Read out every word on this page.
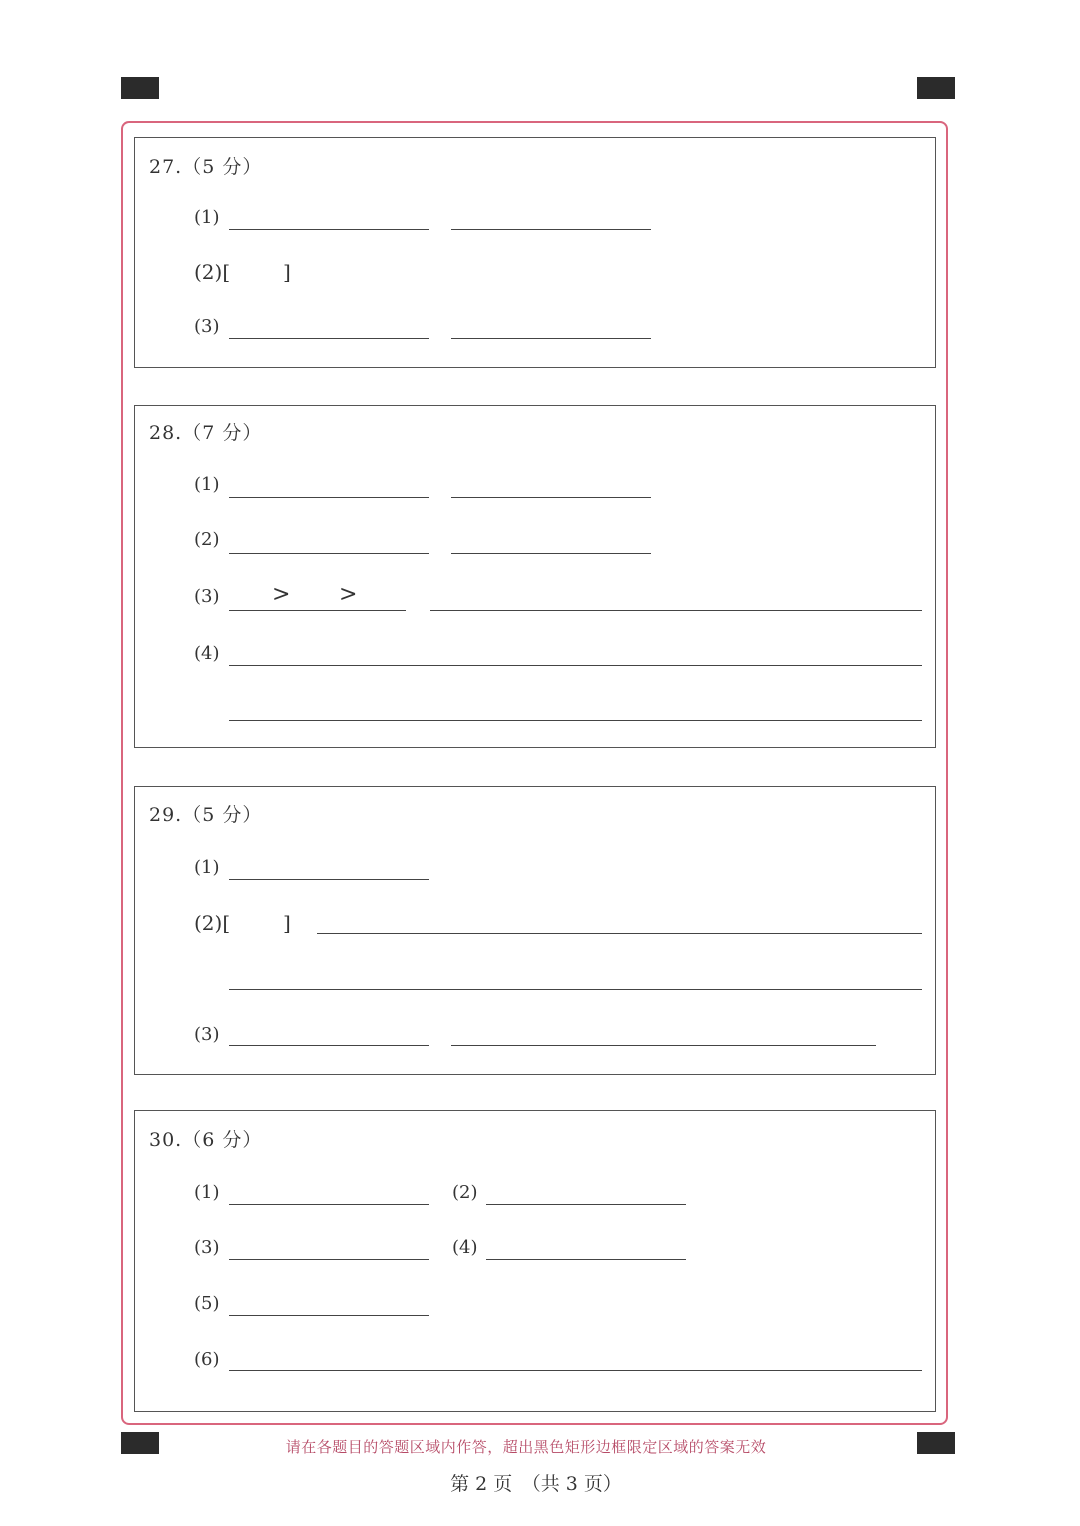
27.（5 分）
(1)
(2)[	]
(3)
28.（7 分）
(1)
(2)
(3) > >
(4)
29.（5 分）
(1)
(2)[	]
(3)
30.（6 分）
(1)	(2)
(3)	(4)
(5)
(6)
请在各题目的答题区域内作答，超出黑色矩形边框限定区域的答案无效
第 2 页　（共 3 页）
